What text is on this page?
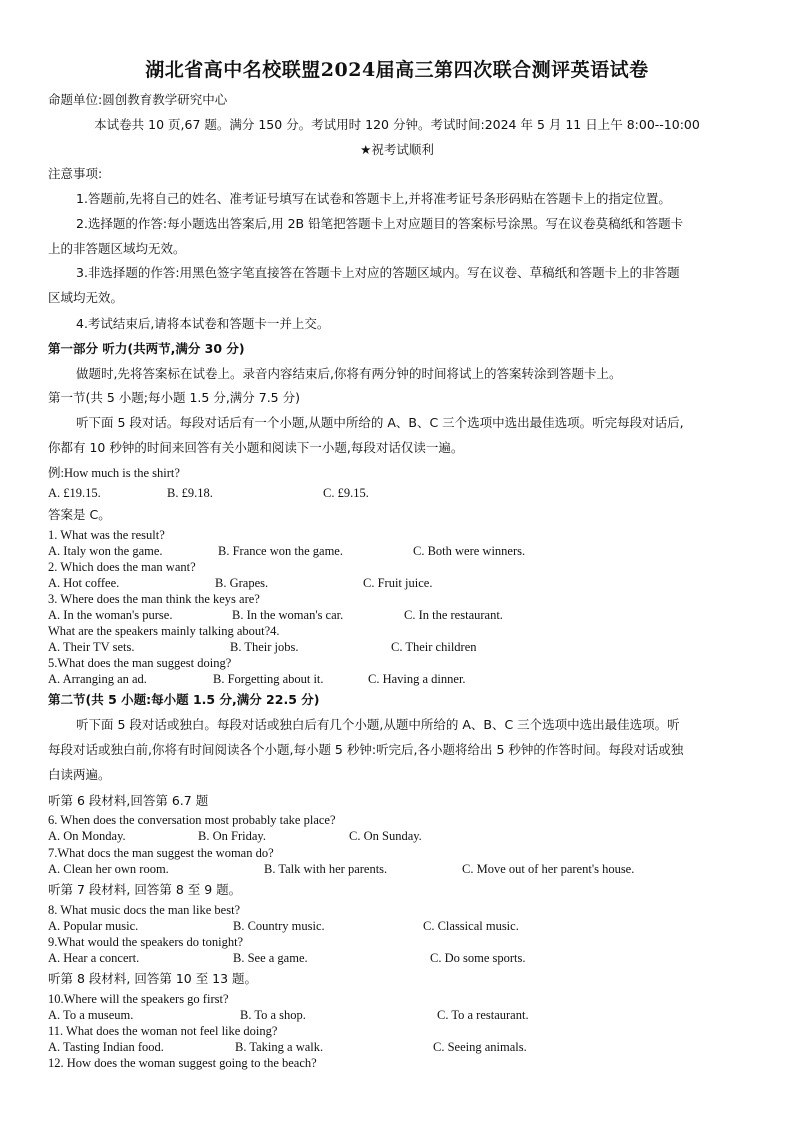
湖北省高中名校联盟2024届高三第四次联合测评英语试卷
命题单位:圆创教育教学研究中心
本试卷共 10 页,67 题。满分 150 分。考试用时 120 分钟。考试时间:2024 年 5 月 11 日上午 8:00--10:00
★祝考试顺利
注意事项:
1.答题前,先将自己的姓名、准考证号填写在试卷和答题卡上,并将准考证号条形码贴在答题卡上的指定位置。
2.选择题的作答:每小题选出答案后,用 2B 铅笔把答题卡上对应题目的答案标号涂黑。写在议卷莫稿纸和答题卡
上的非答题区域均无效。
3.非选择题的作答:用黑色签字笔直接答在答题卡上对应的答题区域内。写在议卷、草稿纸和答题卡上的非答题
区域均无效。
4.考试结束后,请将本试卷和答题卡一并上交。
第一部分 听力(共两节,满分 30 分)
做题时,先将答案标在试卷上。录音内容结束后,你将有两分钟的时间将试上的答案转涂到答题卡上。
第一节(共 5 小题;每小题 1.5 分,满分 7.5 分)
听下面 5 段对话。每段对话后有一个小题,从题中所给的 A、B、C 三个选项中选出最佳选项。听完每段对话后,
你都有 10 秒钟的时间来回答有关小题和阅读下一小题,每段对话仅读一遍。
例:How much is the shirt?
A. £19.15.	B. £9.18.	C. £9.15.
答案是 C。
1. What was the result?
A. Italy won the game.	B. France won the game.	C. Both were winners.
2. Which does the man want?
A. Hot coffee.	B. Grapes.	C. Fruit juice.
3. Where does the man think the keys are?
A. In the woman's purse.	B. In the woman's car.	C. In the restaurant.
What are the speakers mainly talking about?4.
A. Their TV sets.	B. Their jobs.	C. Their children
5.What does the man suggest doing?
A. Arranging an ad.	B. Forgetting about it.	C. Having a dinner.
第二节(共 5 小题:每小题 1.5 分,满分 22.5 分)
听下面 5 段对话或独白。每段对话或独白后有几个小题,从题中所给的 A、B、C 三个选项中选出最佳选项。听
每段对话或独白前,你将有时间阅读各个小题,每小题 5 秒钟:听完后,各小题将给出 5 秒钟的作答时间。每段对话或独
白读两遍。
听第 6 段材料,回答第 6.7 题
6. When does the conversation most probably take place?
A. On Monday.	B. On Friday.	C. On Sunday.
7.What docs the man suggest the woman do?
A. Clean her own room.	B. Talk with her parents.	C. Move out of her parent's house.
听第 7 段材料, 回答第 8 至 9 题。
8. What music docs the man like best?
A. Popular music.	B. Country music.	C. Classical music.
9.What would the speakers do tonight?
A. Hear a concert.	B. See a game.	C. Do some sports.
听第 8 段材料, 回答第 10 至 13 题。
10.Where will the speakers go first?
A. To a museum.	B. To a shop.	C. To a restaurant.
11. What does the woman not feel like doing?
A. Tasting Indian food.	B. Taking a walk.	C. Seeing animals.
12. How does the woman suggest going to the beach?
